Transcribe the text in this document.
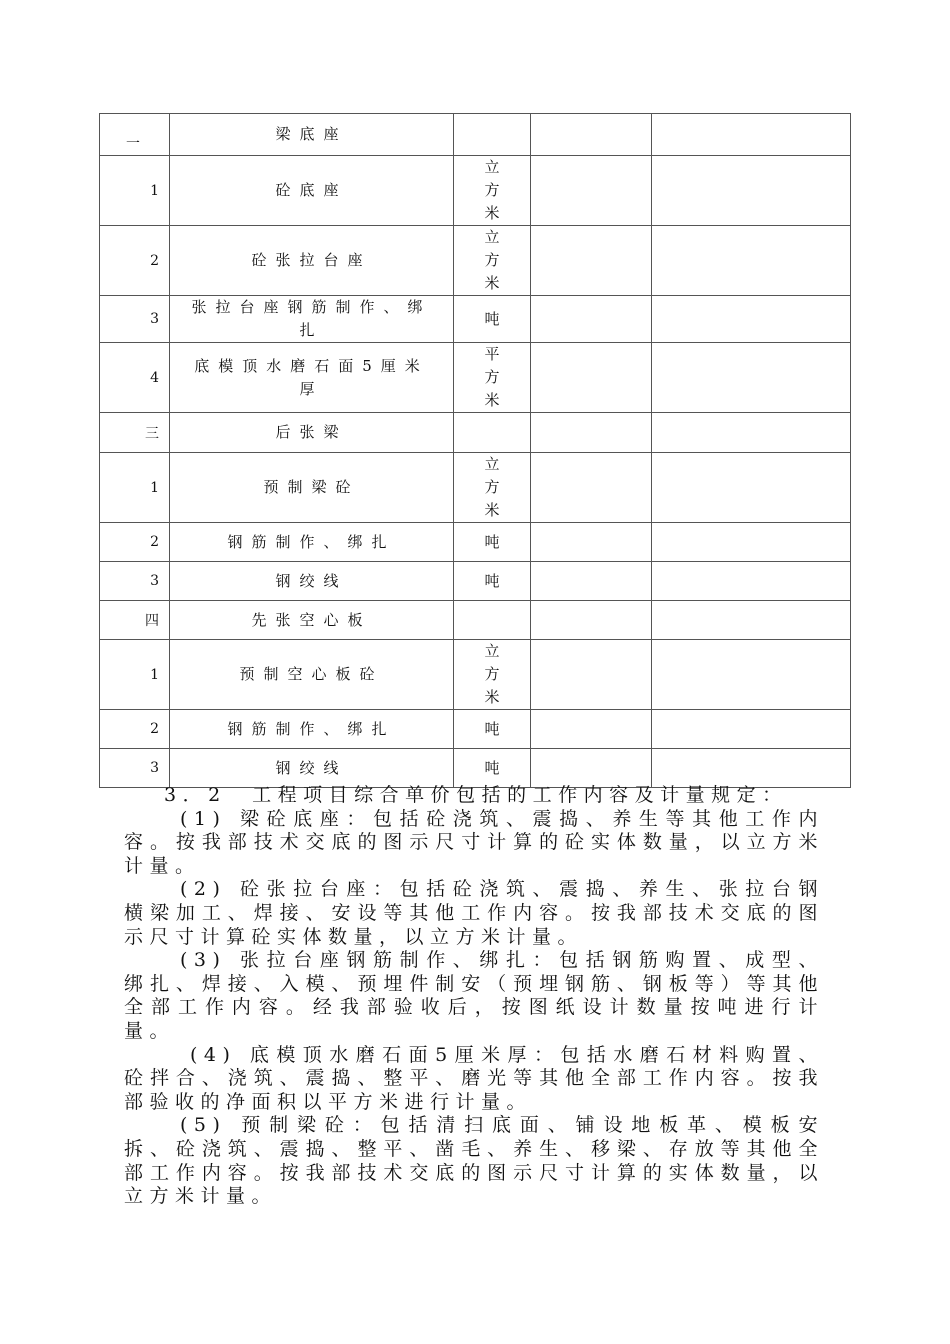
一	梁底座			
1	砼底座	立
方
米		

2	砼张拉台座	立
方
米		

3	张拉台座钢筋制作、绑扎	吨		

4	底模顶水磨石面5厘米厚	平
方
米		

三	后张梁			
1	预制梁砼	立
方
米		

2	钢筋制作、绑扎	吨		

3	钢绞线	吨		

四	先张空心板			
1	预制空心板砼	立
方
米		

2	钢筋制作、绑扎	吨		

3	钢绞线	吨		

3．2　工程项目综合单价包括的工作内容及计量规定：

(1) 梁砼底座：包括砼浇筑、震捣、养生等其他工作内容。按我部技术交底的图示尺寸计算的砼实体数量，以立方米计量。

(2) 砼张拉台座：包括砼浇筑、震捣、养生、张拉台钢横梁加工、焊接、安设等其他工作内容。按我部技术交底的图示尺寸计算砼实体数量，以立方米计量。

(3) 张拉台座钢筋制作、绑扎：包括钢筋购置、成型、绑扎、焊接、入模、预埋件制安（预埋钢筋、钢板等）等其他全部工作内容。经我部验收后，按图纸设计数量按吨进行计量。

(4) 底模顶水磨石面5厘米厚：包括水磨石材料购置、砼拌合、浇筑、震捣、整平、磨光等其他全部工作内容。按我部验收的净面积以平方米进行计量。

(5) 预制梁砼：包括清扫底面、铺设地板革、模板安拆、砼浇筑、震捣、整平、凿毛、养生、移梁、存放等其他全部工作内容。按我部技术交底的图示尺寸计算的实体数量，以立方米计量。
